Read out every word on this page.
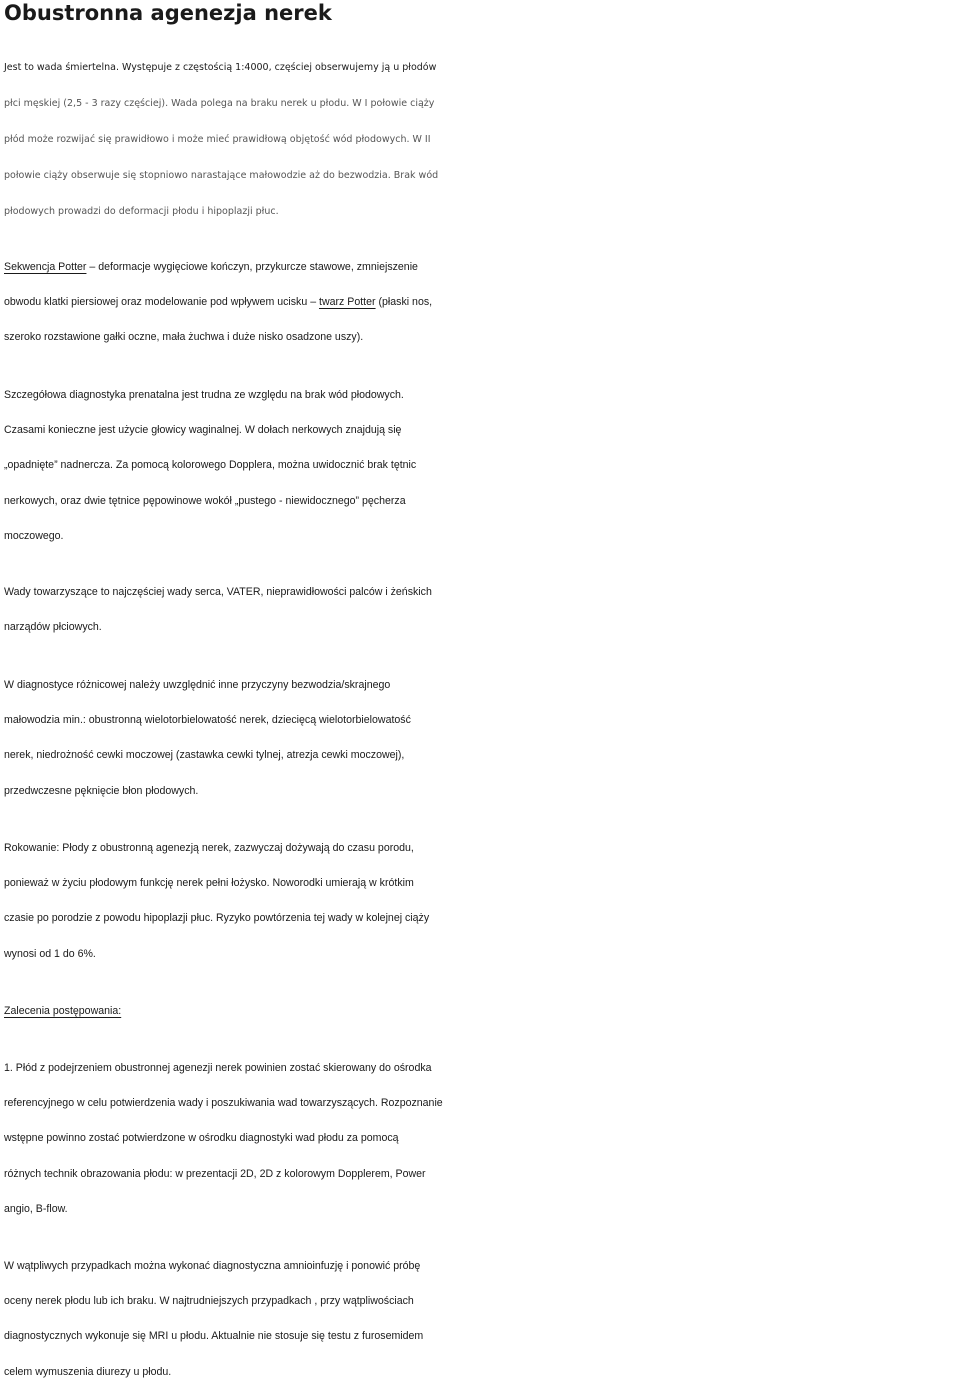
Obustronna agenezja nerek
Jest to wada śmiertelna. Występuje z częstością 1:4000, częściej obserwujemy ją u płodów
płci męskiej (2,5 - 3 razy częściej). Wada polega na braku nerek u płodu. W I połowie ciąży
płód może rozwijać się prawidłowo i może mieć prawidłową objętość wód płodowych. W II
połowie ciąży obserwuje się stopniowo narastające małowodzie aż do bezwodzia. Brak wód
płodowych prowadzi do deformacji płodu i hipoplazji płuc.
Sekwencja Potter – deformacje wygięciowe kończyn, przykurcze stawowe, zmniejszenie
obwodu klatki piersiowej oraz modelowanie pod wpływem ucisku – twarz Potter (płaski nos,
szeroko rozstawione gałki oczne, mała żuchwa i duże nisko osadzone uszy).
Szczegółowa diagnostyka prenatalna jest trudna ze względu na brak wód płodowych.
Czasami konieczne jest użycie głowicy waginalnej. W dołach nerkowych znajdują się
„opadnięte” nadnercza. Za pomocą kolorowego Dopplera, można uwidocznić brak tętnic
nerkowych, oraz dwie tętnice pępowinowe wokół „pustego - niewidocznego” pęcherza
moczowego.
Wady towarzyszące to najczęściej wady serca, VATER, nieprawidłowości palców i żeńskich
narządów płciowych.
W diagnostyce różnicowej należy uwzględnić inne przyczyny bezwodzia/skrajnego
małowodzia min.: obustronną wielotorbielowatość nerek, dziecięcą wielotorbielowatość
nerek, niedrożność cewki moczowej (zastawka cewki tylnej, atrezja cewki moczowej),
przedwczesne pęknięcie błon płodowych.
Rokowanie: Płody z obustronną agenezją nerek, zazwyczaj dożywają do czasu porodu,
ponieważ w życiu płodowym funkcję nerek pełni łożysko. Noworodki umierają w krótkim
czasie po porodzie z powodu hipoplazji płuc. Ryzyko powtórzenia tej wady w kolejnej ciąży
wynosi od 1 do 6%.
Zalecenia postępowania:
1. Płód z podejrzeniem obustronnej agenezji nerek powinien zostać skierowany do ośrodka
referencyjnego w celu potwierdzenia wady i poszukiwania wad towarzyszących. Rozpoznanie
wstępne powinno zostać potwierdzone w ośrodku diagnostyki wad płodu za pomocą
różnych technik obrazowania płodu: w prezentacji 2D, 2D z kolorowym Dopplerem, Power
angio, B-flow.
W wątpliwych przypadkach można wykonać diagnostyczna amnioinfuzję i ponowić próbę
oceny nerek płodu lub ich braku. W najtrudniejszych przypadkach , przy wątpliwościach
diagnostycznych wykonuje się MRI u płodu. Aktualnie nie stosuje się testu z furosemidem
celem wymuszenia diurezy u płodu.
